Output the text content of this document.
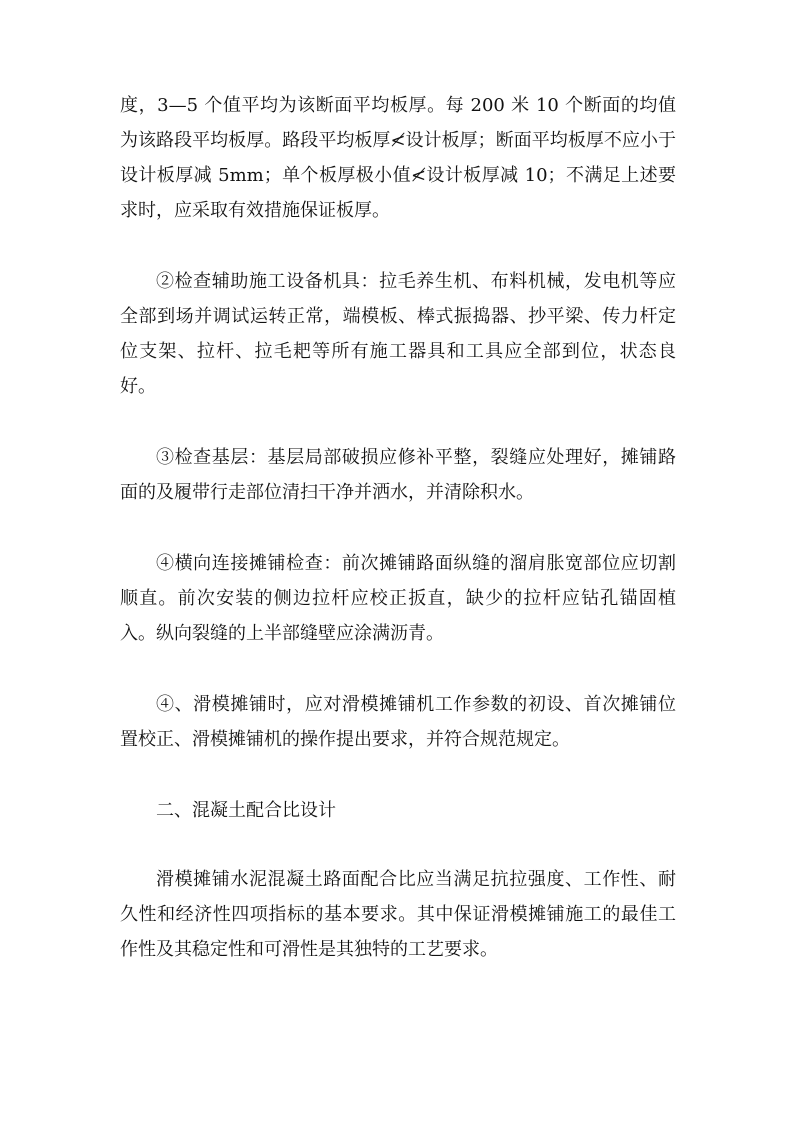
度，3—5 个值平均为该断面平均板厚。每 200 米 10 个断面的均值为该路段平均板厚。路段平均板厚≮设计板厚；断面平均板厚不应小于设计板厚减 5mm；单个板厚极小值≮设计板厚减 10；不满足上述要求时，应采取有效措施保证板厚。

②检查辅助施工设备机具：拉毛养生机、布料机械，发电机等应全部到场并调试运转正常，端模板、棒式振捣器、抄平梁、传力杆定位支架、拉杆、拉毛耙等所有施工器具和工具应全部到位，状态良好。

③检查基层：基层局部破损应修补平整，裂缝应处理好，摊铺路面的及履带行走部位清扫干净并洒水，并清除积水。

④横向连接摊铺检查：前次摊铺路面纵缝的溜肩胀宽部位应切割顺直。前次安装的侧边拉杆应校正扳直，缺少的拉杆应钻孔锚固植入。纵向裂缝的上半部缝壁应涂满沥青。

④、滑模摊铺时，应对滑模摊铺机工作参数的初设、首次摊铺位置校正、滑模摊铺机的操作提出要求，并符合规范规定。

二、混凝土配合比设计

滑模摊铺水泥混凝土路面配合比应当满足抗拉强度、工作性、耐久性和经济性四项指标的基本要求。其中保证滑模摊铺施工的最佳工作性及其稳定性和可滑性是其独特的工艺要求。
